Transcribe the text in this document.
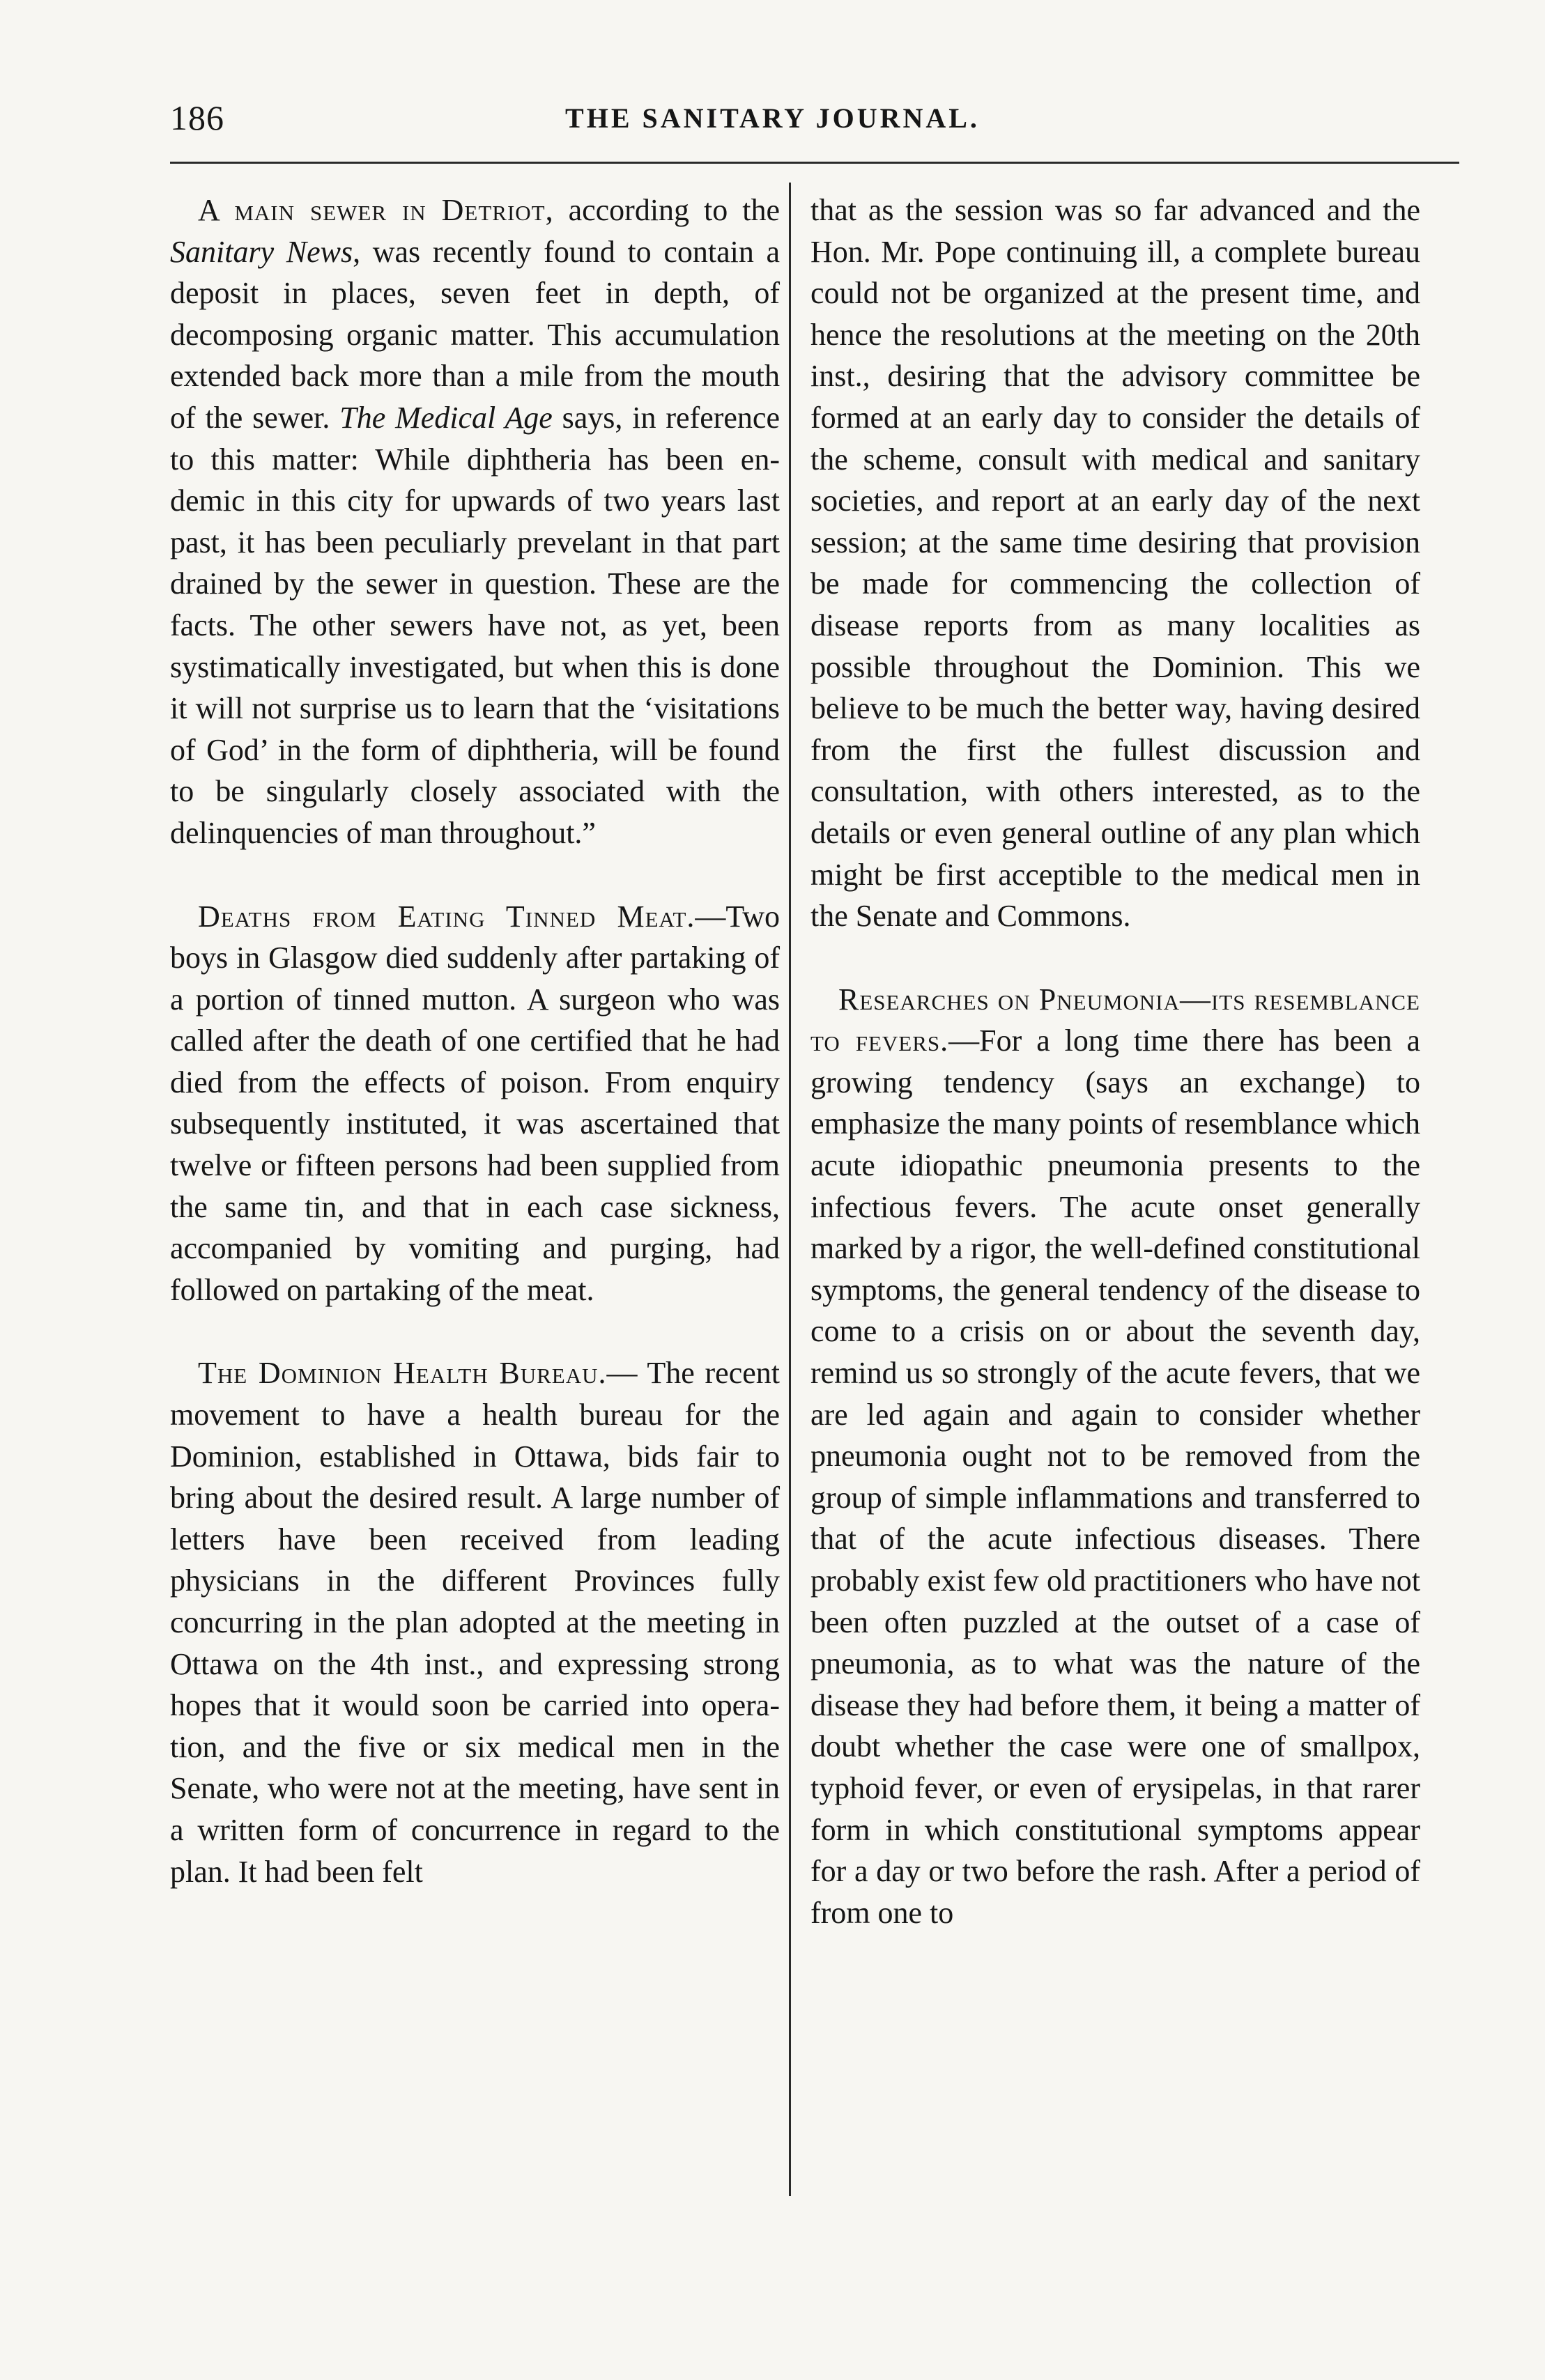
186	THE SANITARY JOURNAL.

A main sewer in Detriot, according to the Sanitary News, was recently found to contain a deposit in places, seven feet in depth, of decomposing organic matter. This accumulation extended back more than a mile from the mouth of the sewer. The Medical Age says, in reference to this matter: While diphtheria has been endemic in this city for upwards of two years last past, it has been peculiarly prevelant in that part drained by the sewer in question. These are the facts. The other sewers have not, as yet, been systimatically investigated, but when this is done it will not surprise us to learn that the ‘visitations of God’ in the form of diphtheria, will be found to be singularly closely associated with the delinquencies of man throughout.”

Deaths from Eating Tinned Meat.—Two boys in Glasgow died suddenly after partaking of a portion of tinned mutton. A surgeon who was called after the death of one certified that he had died from the effects of poison. From enquiry subsequently instituted, it was ascertained that twelve or fifteen persons had been supplied from the same tin, and that in each case sickness, accompanied by vomiting and purging, had followed on partaking of the meat.

The Dominion Health Bureau.— The recent movement to have a health bureau for the Dominion, established in Ottawa, bids fair to bring about the desired result. A large number of letters have been received from leading physicians in the different Provinces fully concurring in the plan adopted at the meeting in Ottawa on the 4th inst., and expressing strong hopes that it would soon be carried into operation, and the five or six medical men in the Senate, who were not at the meeting, have sent in a written form of concurrence in regard to the plan. It had been felt

that as the session was so far advanced and the Hon. Mr. Pope continuing ill, a complete bureau could not be organized at the present time, and hence the resolutions at the meeting on the 20th inst., desiring that the advisory committee be formed at an early day to consider the details of the scheme, consult with medical and sanitary societies, and report at an early day of the next session; at the same time desiring that provision be made for commencing the collection of disease reports from as many localities as possible throughout the Dominion. This we believe to be much the better way, having desired from the first the fullest discussion and consultation, with others interested, as to the details or even general outline of any plan which might be first acceptible to the medical men in the Senate and Commons.

Researches on Pneumonia—its resemblance to fevers.—For a long time there has been a growing tendency (says an exchange) to emphasize the many points of resemblance which acute idiopathic pneumonia presents to the infectious fevers. The acute onset generally marked by a rigor, the well-defined constitutional symptoms, the general tendency of the disease to come to a crisis on or about the seventh day, remind us so strongly of the acute fevers, that we are led again and again to consider whether pneumonia ought not to be removed from the group of simple inflammations and transferred to that of the acute infectious diseases. There probably exist few old practitioners who have not been often puzzled at the outset of a case of pneumonia, as to what was the nature of the disease they had before them, it being a matter of doubt whether the case were one of smallpox, typhoid fever, or even of erysipelas, in that rarer form in which constitutional symptoms appear for a day or two before the rash. After a period of from one to
